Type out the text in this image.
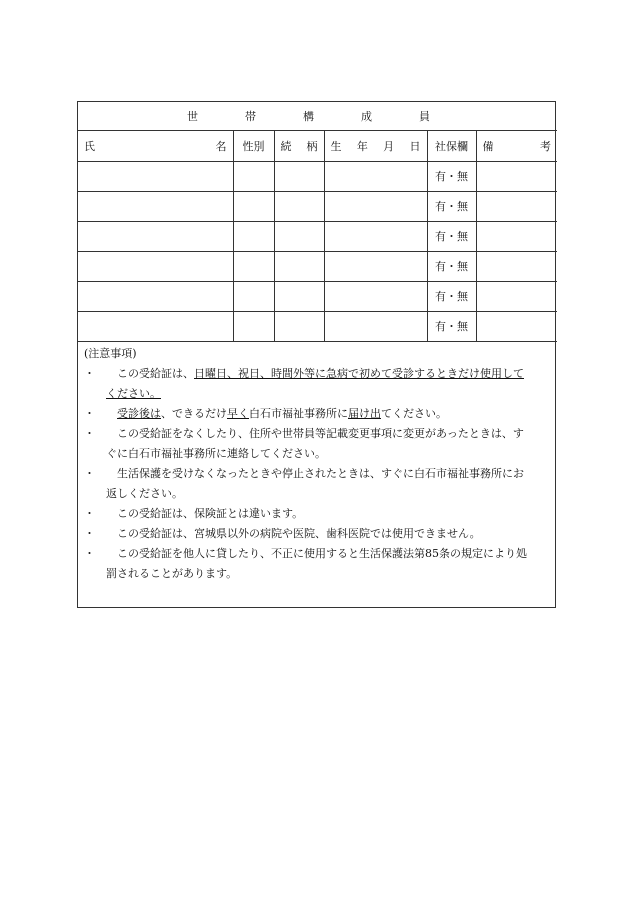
世　帯　構　成　員					

氏 名	性別	続 柄	生 年 月 日	社保欄	備 考

				有・無	
				有・無	
				有・無	
				有・無	
				有・無	
				有・無	
(注意事項)
・	この受給証は、日曜日、祝日、時間外等に急病で初めて受診するときだけ使用して
ください。
・	受診後は、できるだけ早く白石市福祉事務所に届け出てください。
・	この受給証をなくしたり、住所や世帯員等記載変更事項に変更があったときは、す
ぐに白石市福祉事務所に連絡してください。
・	生活保護を受けなくなったときや停止されたときは、すぐに白石市福祉事務所にお
返しください。
・	この受給証は、保険証とは違います。
・	この受給証は、宮城県以外の病院や医院、歯科医院では使用できません。
・	この受給証を他人に貸したり、不正に使用すると生活保護法第85条の規定により処
罰されることがあります。
